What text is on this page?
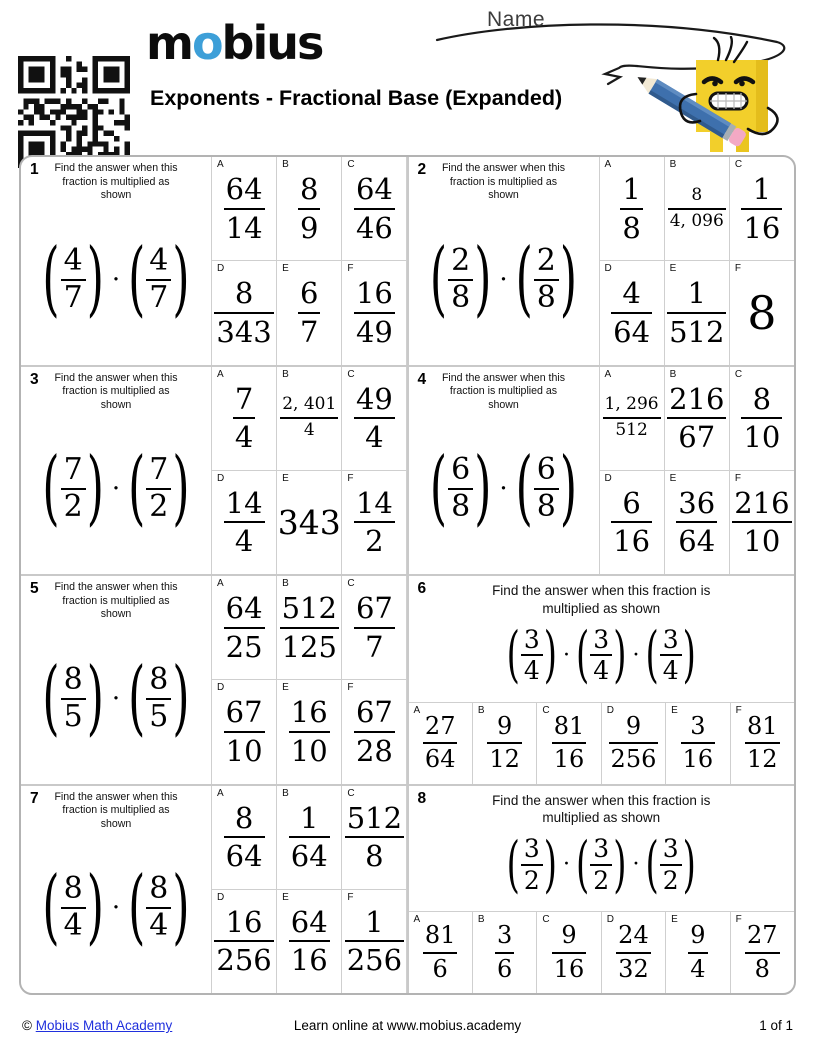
mobius
Exponents - Fractional Base (Expanded)
Name
1	Find the answer when this fraction is multiplied as shown
( $\frac{4}{7}$ ) · ( $\frac{4}{7}$ )
A
$\frac{64}{14}$
B
$\frac{8}{9}$
C
$\frac{64}{46}$
D
$\frac{8}{343}$
E
$\frac{6}{7}$
F
$\frac{16}{49}$
2	Find the answer when this fraction is multiplied as shown
( $\frac{2}{8}$ ) · ( $\frac{2}{8}$ )
A
$\frac{1}{8}$
B
$\frac{8}{4, 096}$
C
$\frac{1}{16}$
D
$\frac{4}{64}$
E
$\frac{1}{512}$
F
8
3	Find the answer when this fraction is multiplied as shown
( $\frac{7}{2}$ ) · ( $\frac{7}{2}$ )
A
$\frac{7}{4}$
B
$\frac{2, 401}{4}$
C
$\frac{49}{4}$
D
$\frac{14}{4}$
E
343
F
$\frac{14}{2}$
4	Find the answer when this fraction is multiplied as shown
( $\frac{6}{8}$ ) · ( $\frac{6}{8}$ )
A
$\frac{1, 296}{512}$
B
$\frac{216}{67}$
C
$\frac{8}{10}$
D
$\frac{6}{16}$
E
$\frac{36}{64}$
F
$\frac{216}{10}$
5	Find the answer when this fraction is multiplied as shown
( $\frac{8}{5}$ ) · ( $\frac{8}{5}$ )
A
$\frac{64}{25}$
B
$\frac{512}{125}$
C
$\frac{67}{7}$
D
$\frac{67}{10}$
E
$\frac{16}{10}$
F
$\frac{67}{28}$
6	Find the answer when this fraction is multiplied as shown
( $\frac{3}{4}$ ) · ( $\frac{3}{4}$ ) · ( $\frac{3}{4}$ )
A
$\frac{27}{64}$
B
$\frac{9}{12}$
C
$\frac{81}{16}$
D
$\frac{9}{256}$
E
$\frac{3}{16}$
F
$\frac{81}{12}$
7	Find the answer when this fraction is multiplied as shown
( $\frac{8}{4}$ ) · ( $\frac{8}{4}$ )
A
$\frac{8}{64}$
B
$\frac{1}{64}$
C
$\frac{512}{8}$
D
$\frac{16}{256}$
E
$\frac{64}{16}$
F
$\frac{1}{256}$
8	Find the answer when this fraction is multiplied as shown
( $\frac{3}{2}$ ) · ( $\frac{3}{2}$ ) · ( $\frac{3}{2}$ )
A
$\frac{81}{6}$
B
$\frac{3}{6}$
C
$\frac{9}{16}$
D
$\frac{24}{32}$
E
$\frac{9}{4}$
F
$\frac{27}{8}$
© Mobius Math Academy	Learn online at www.mobius.academy	1 of 1
